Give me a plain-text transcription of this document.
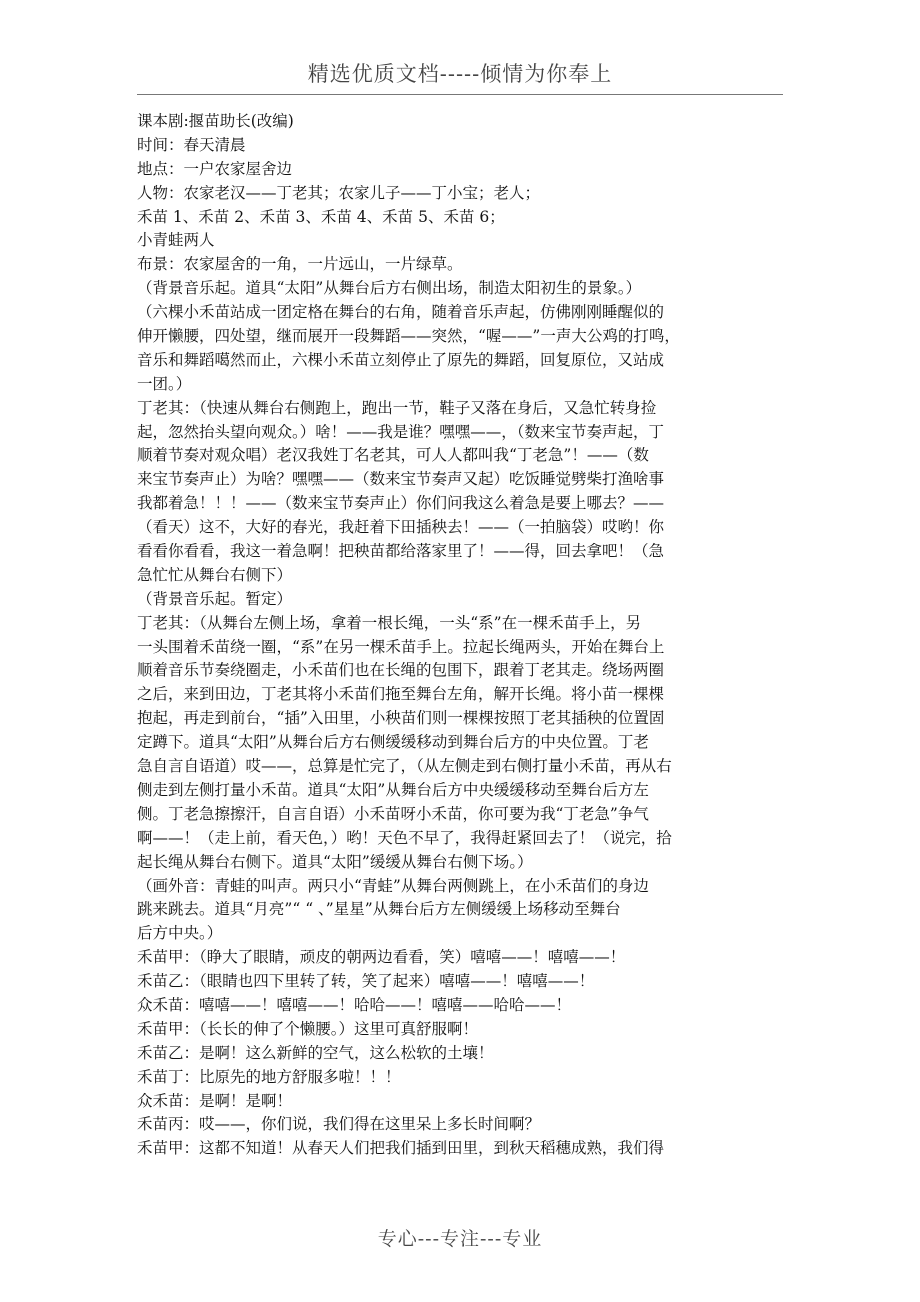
精选优质文档-----倾情为你奉上
课本剧:揠苗助长(改编)
时间：春天清晨
地点：一户农家屋舍边
人物：农家老汉——丁老其；农家儿子——丁小宝；老人；
禾苗 1、禾苗 2、禾苗 3、禾苗 4、禾苗 5、禾苗 6；
小青蛙两人
布景：农家屋舍的一角，一片远山，一片绿草。
（背景音乐起。道具“太阳”从舞台后方右侧出场，制造太阳初生的景象。）
（六棵小禾苗站成一团定格在舞台的右角，随着音乐声起，仿佛刚刚睡醒似的
伸开懒腰，四处望，继而展开一段舞蹈——突然，“喔——”一声大公鸡的打鸣，
音乐和舞蹈噶然而止，六棵小禾苗立刻停止了原先的舞蹈，回复原位，又站成
一团。）
丁老其：（快速从舞台右侧跑上，跑出一节，鞋子又落在身后，又急忙转身捡
起，忽然抬头望向观众。）啥！——我是谁？嘿嘿——，（数来宝节奏声起，丁
顺着节奏对观众唱）老汉我姓丁名老其，可人人都叫我“丁老急”！——（数
来宝节奏声止）为啥？嘿嘿——（数来宝节奏声又起）吃饭睡觉劈柴打渔啥事
我都着急！！！——（数来宝节奏声止）你们问我这么着急是要上哪去？——
（看天）这不，大好的春光，我赶着下田插秧去！——（一拍脑袋）哎哟！你
看看你看看，我这一着急啊！把秧苗都给落家里了！——得，回去拿吧！（急
急忙忙从舞台右侧下）
（背景音乐起。暂定）
丁老其：（从舞台左侧上场，拿着一根长绳，一头“系”在一棵禾苗手上，另
一头围着禾苗绕一圈，“系”在另一棵禾苗手上。拉起长绳两头，开始在舞台上
顺着音乐节奏绕圈走，小禾苗们也在长绳的包围下，跟着丁老其走。绕场两圈
之后，来到田边，丁老其将小禾苗们拖至舞台左角，解开长绳。将小苗一棵棵
抱起，再走到前台，“插”入田里，小秧苗们则一棵棵按照丁老其插秧的位置固
定蹲下。道具“太阳”从舞台后方右侧缓缓移动到舞台后方的中央位置。丁老
急自言自语道）哎——，总算是忙完了，（从左侧走到右侧打量小禾苗，再从右
侧走到左侧打量小禾苗。道具“太阳”从舞台后方中央缓缓移动至舞台后方左
侧。丁老急擦擦汗，自言自语）小禾苗呀小禾苗，你可要为我“丁老急”争气
啊——！（走上前，看天色，）哟！天色不早了，我得赶紧回去了！（说完，拾
起长绳从舞台右侧下。道具“太阳”缓缓从舞台右侧下场。）
（画外音：青蛙的叫声。两只小“青蛙”从舞台两侧跳上，在小禾苗们的身边
跳来跳去。道具“月亮”“ “ 、”星星”从舞台后方左侧缓缓上场移动至舞台
后方中央。）
禾苗甲：（睁大了眼睛，顽皮的朝两边看看，笑）嘻嘻——！嘻嘻——！
禾苗乙：（眼睛也四下里转了转，笑了起来）嘻嘻——！嘻嘻——！
众禾苗：嘻嘻——！嘻嘻——！哈哈——！嘻嘻——哈哈——！
禾苗甲：（长长的伸了个懒腰。）这里可真舒服啊！
禾苗乙：是啊！这么新鲜的空气，这么松软的土壤！
禾苗丁：比原先的地方舒服多啦！！！
众禾苗：是啊！是啊！
禾苗丙：哎——，你们说，我们得在这里呆上多长时间啊？
禾苗甲：这都不知道！从春天人们把我们插到田里，到秋天稻穗成熟，我们得
专心---专注---专业
